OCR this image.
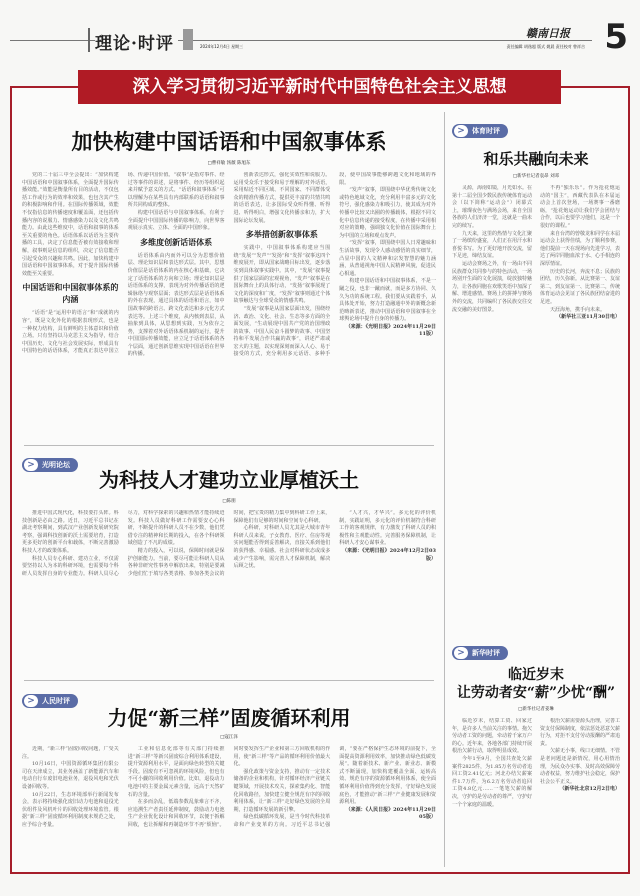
理论·时评	2024年12月4日 星期三
赣南日报
责任编辑 胡逸超 版式 姚晨 责任校对 曾祥吉 5
深入学习贯彻习近平新时代中国特色社会主义思想
加快构建中国话语和中国叙事体系
□曹祥敏 汤薇 陈旭东

党的二十届三中全会提出：“加快构建中国话语和中国叙事体系，全面提升国际传播效能。”效能是衡量所有目的活动，不仅包括工作或行为的效率和效果，也包含其产生的积极影响和作用。在国际传播领域，效能不仅指信息的传播速度和覆盖面，还包括传播内容的说服力、情感感染力以及文化共鸣能力。由此这些维度中，话语和叙事的体系至关重要的角色。话语体系以话语为主要传播的工具，决定了信息能否被有效接收和理解，叙事则是信息的组织，决定了信息能否引起受众的兴趣和共鸣。因此，加快构建中国话语和中国叙事体系，对于提升国际传播效能至关重要。

中国话语和中国叙事体系的内涵

“话语”是“运用中的语言”和“成就的内容”，既是文化外化的根据表现形式，也是一种权力结构，具有鲜明的主体意识和价值立场。只有坚持以马克思主义为指导，结合中国历史、文化与社会发展实际，形成具有中国特色的话语体系，才能真正表达中国立场、传递中国价值。“叙事”是指对事件、经过等事件的讲述，是将事件、经历等组织起来并赋予意义的方式。“话语和叙事体系”可以理解为在某些具有内部联系的话语和叙事所共同构成的整体。

构建中国话语与中国叙事体系，有利于全面提升中国国际传播的影响力，向世界客观展示真实、立体、全面的中国形象。

多维度创新话语体系

话语体系由内而外可以分为思想价值层、理论知识层和表达形式层。其中，思想价值层是话语体系的内在核心和基础，它决定了话语体系的方向和立场；理论知识层是话语体系的支撑，表现为对外传播话语的逻辑脉络与观察层面；表达形式层是话语体系的外在表现，通过具体的话语和语言，如中国故事的跨语言、跨文化表达和多元化方式表达等。上述三个维度，从内核到表层，从抽象到具体，从思想到实践，互为依存之势，支撑着对外话语体系机制的运行，提升中国国际传播效能，应立足于话语体系的各个层面，通过创新思维实现中国话语在世界的传播。

创新表达形式，强化实效性和说服力。运用受众乐于接受和易于理解的对外话语，采用贴近不同区域、不同国家、不同群体受众的精准传播方式，提供更丰富的共情共鸣的话语表达，让多国际受众听得懂、听得进、听得明白，增强文化传播亲和力，扩大国际论坛发展。

多举措创新叙事体系

实践中，中国叙事体系构建应当围绕“发展”“发声”“发扬”和“发挥”叙事这四个维度展开，即从国家战略目标出发，逐步落实到具体叙事实践中。其中，“发展”叙事提供了国家层面的宏观视角，“发声”叙事是在国际舞台上的具体行动，“发扬”叙事展现了文化的深度和广度，“发挥”叙事则通过个体故事触达与全球受众的情感共鸣。

“发展”叙事是从国家层面出发，围绕经济、政治、文化、社会、生态等多方面的全面发展，“生动展现中国共产党的治国理政的故事、中国人民奋斗圆梦的故事、中国坚持和平发展合作共赢的故事”，讲述严肃或宏大的主题，以实现深刻而深入人心、易于接受的方式，充分利用多元话语、多种手段，使中国故事能够跨越文化和地域的界限。

“发声”叙事，即围绕中华优秀传统文化或特色地域文化，充分利用丰富多元的文化符号，强化感染力和吸引力，使其成为对外传播中比较又出圈的传播载体，根据不同文化中信息传递的接受程度，在传播中采用相对应的策略，强调独文化价值在国际舞台上为中国的立场和观点发声。

“发挥”叙事，即围绕中国人日常趣味和生活故事，发现令人感动感悟的真实细节，凸显中国的人文精神和宗发智慧的魅力涵涵，从普通视角中国人民精神风貌，促进民心相通。

构建中国话语和中国叙事体系，不是一蹴之役，也非一蹴而就，而是多方协同、久久为功的系统工程。我们要从实践着手，从具体处开始，努力打造融通中外的新概念新范畴新表述，推动中国话语和中国叙事在全球舆论场中提升自身的传播力。

（来源：《光明日报》2024年11月29日11版）

>	光明论坛
为科技人才建功立业厚植沃土
□陈朋

推进中国式现代化，科技要打头阵。科技创新是必由之路。近日，习近平总书记在湖北考察期间，到武汉产业创新发展研究院考察，强调科技创新的沃土需要培育，打造更多更好的创新平台和载体，不断完善激励科技人才的政策体系。

科技人员专心科研、建功立业，不仅需要坚持以人为本的科研环境，也需要每个科研人员发挥自身的专业能力。科研人员尽心尽力，对科学探索的兴趣和热情才能持续迸发。科技人员做好科研工作需要安心心科研，不断提升的科研人员不在少数，他们凭借专注的精神和长期的投入，在各个科研领域创造了不凡的成绩。

精力的投入，可以说，保障时间就是保护创新能力。当前，要尽可能让科研人员从各种非研究性事务中解放出来，特别是要减少他们忙于填写各类表格、参加各类会议的时间，把宝贵的精力集中到科研工作上来，保障他们有足够的时间和空间专心科研。

心科研，对科研人员尤其是大城市青年科研人员来说，子女教育、医疗、住房等现实问题能否得到妥善解决，直接关系到他们的获得感、幸福感。社会对科研状态或成多或少产生影响，需完善人才保障机制，解决后顾之忧。

“人才兴，才华兴”。多元化的评价机制，实践证明，多元化的评价机制符合科研工作的客观规律，有力激发了科研人员的积极性和主观能动性。完善服务保障机制，让科研人才安心谋事业。

（来源：《光明日报》2024年12月2日03版）

>	人民时评
力促“新三样”固废循环利用
□寇江泽

近期，“新三样”固废回收问题，广受关注。

10月16日，中国资源循环集团有限公司在天津成立，其业务涵盖了新能源汽车和电动自行车废旧电池业务，退役风电和光伏设备回收等。

10月22日，生态环境部举行新闻发布会，表示将持续强化废旧动力电池和退役光伏组件及风机叶片的回收处理环境监管。根据“新三样”固废循环利用制度未规范之处，应予综合考量。

工业和信息化部等有关部门持续推进“新三样”等新兴固废综合利用体系建设，提升资源利用水平，是面向绿色转型的关键手段。固废有不可忽视的环境风险，但也有不可小觑的回收利用价值。比如，退役动力电池中的主要金属元素含量，远高于天然矿石的含量。

在多而杂乱，低端参数乱象难言不齐，应追溯生产者责任延伸制度，鼓励动力电池生产企业优化设计和回收环节，以便于拆解回收，也让拆解和再制造环节不再“烦恼”。同时要发挥生产企业和第三方回收机构的作用，使“新三样”等产品的循环利用价值最大化。

强化政策与资金支持，推动有一定技术储备的企业和机构，针对循环经济产业链关键领域，开展技术攻关，探索集约化、智能化回收路径，加快建立健全规范有序的回收利用体系，让“新三样”走好绿色发展的全周期，打造循环发展的新引擎。

绿色低碳循环发展，是当今时代科技革命和产业变革的方向。习近平总书记强调，“要在严格保护生态环境的前提下，全面提高资源利用效率，加快推动绿色低碳发展”。随着新技术、新产业、新业态、新模式不断涌现，加快构建覆盖全面、运转高效、规范有序的资源循环利用体系，使全面循环利用价值得到充分发挥，守好绿色发展底色，才能推动“新三样”产业健康发展和资源利用。

（来源：《人民日报》2024年11月29日05版）

>	体育时评
和乐共融向未来
□新华社记者袁昂 刘邓

灵源，海南如镜，月光如水。在第十二届全国少数民族传统体育运动会（以下简称“运动会”）闭幕式上，璀璨夜色与满场会场，来自全国各族的人们济济一堂，这就是一曲未完的续写。

九天来，这里的热情与文化汇聚了一场缤纷盛宴，人们正在用汗水和喜悦书写。为了更好地开放交流，留下足迹，缔结友谊。

运动会赛场之外，有一场由不同民族群众共同参与的特色活动，一场场别开生面的文化展演，绽放独特魅力，让各族同胞在欢歌笑语中加深了解、增进感情。赛场上的拼搏与赛场外的交流，共同编织了各民族交往交流交融的美好图景。

不再“独乐乐”。作为抢花炮运动的“国主”，西藏代表队在本届运动会上首次登场，一场赛事一番磨砺，“抢花炮运动让我们学会团结与合作，以后也要学习他们，这是一个很好的课程。”

来自台湾的曾敬龙和同学在本届运动会上获得佳绩，为了顺利参赛，他们提前一天在现场向先进学习，表达了两岸同胞血浓于水、心手相连的深厚情谊。

历史的长河，奔流不息；民族的团结，历久弥新。从比赛第一、友谊第二，到友谊第一、比赛第二，传统体育运动会见证了各民族团结奋进的足迹。

天涯海角，携手向未来。

（新华社三亚11月30日电）

>	新华时评
临近岁末
让劳动者安“薪”少忧“酬”
□新华社记者姜琳

临近岁末，结算工资、回家过年，是许多人当前关注的事情。拖欠劳动者工资的问题，牵动着千家万户的心。近年来，各地各部门持续开展根治欠薪行动，取得明显成效。

今年1至9月，全国共查处欠薪案件2825件，为1.85万名劳动者追回工资2.41亿元；河北办结欠薪案件1.7万件，为6.2万名劳动者追回工资4.8亿元……一笔笔欠薪的解决，守护的是劳动者的尊严，守护好一个个家庭的温暖。

根治欠薪需要源头治理，完善工资支付保障制度，依法惩处恶意欠薪行为，对拒不支付劳动报酬的严肃追责。

欠薪无小事，线口无细情。不管是老问题还是新情况，用心用情治理，为民众办实事、及时高效保障劳动者权益，努力维护社会稳定，保护社会公平正义。

（新华社北京12月2日电）
